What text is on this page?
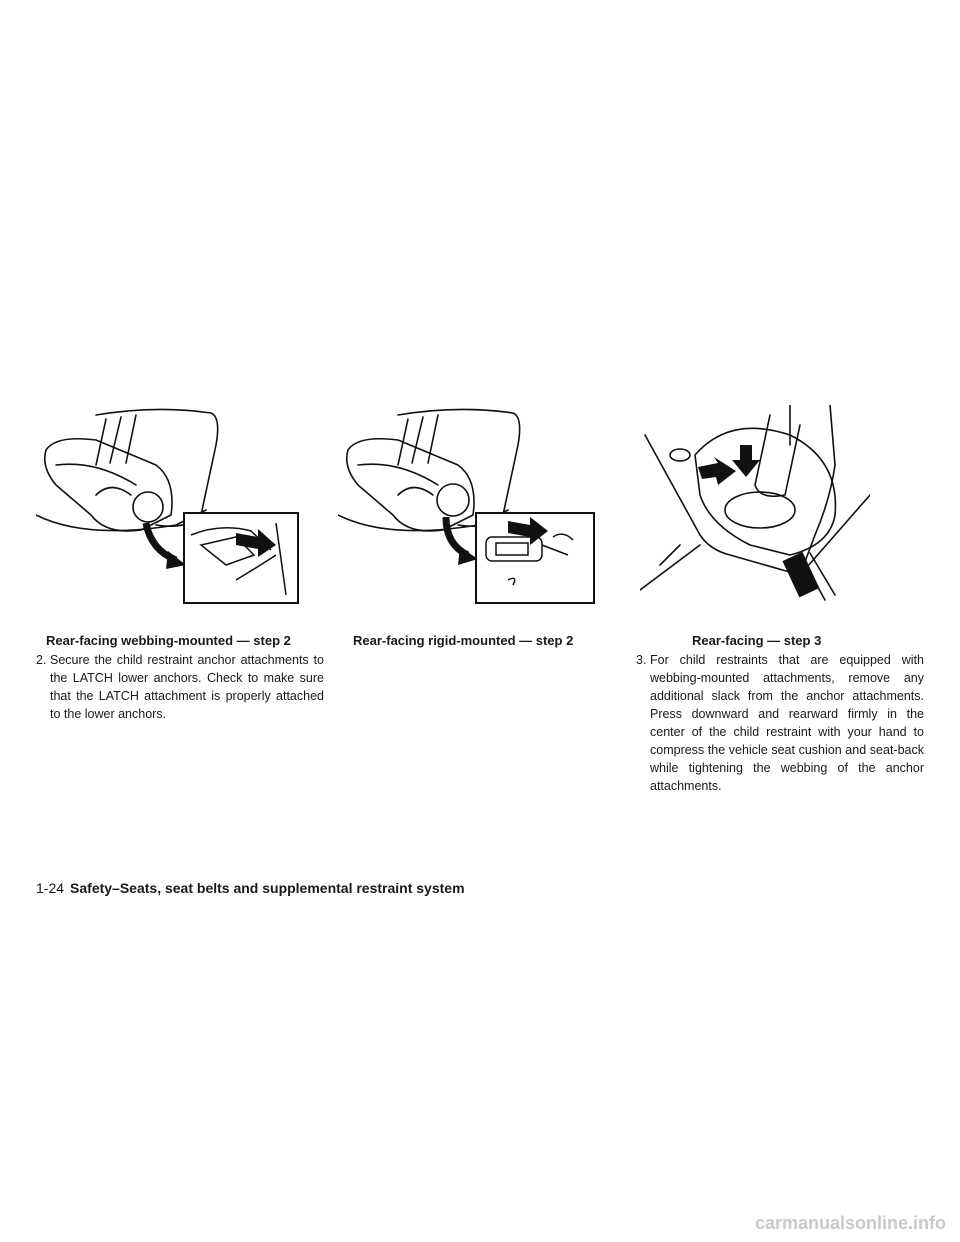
Rear-facing webbing-mounted — step 2	Rear-facing rigid-mounted — step 2	Rear-facing — step 3
2. Secure the child restraint anchor attachments to the LATCH lower anchors. Check to make sure that the LATCH attachment is properly attached to the lower anchors.
3. For child restraints that are equipped with webbing-mounted attachments, remove any additional slack from the anchor attachments. Press downward and rearward firmly in the center of the child restraint with your hand to compress the vehicle seat cushion and seat-back while tightening the webbing of the anchor attachments.
1-24 Safety–Seats, seat belts and supplemental restraint system
carmanualsonline.info
